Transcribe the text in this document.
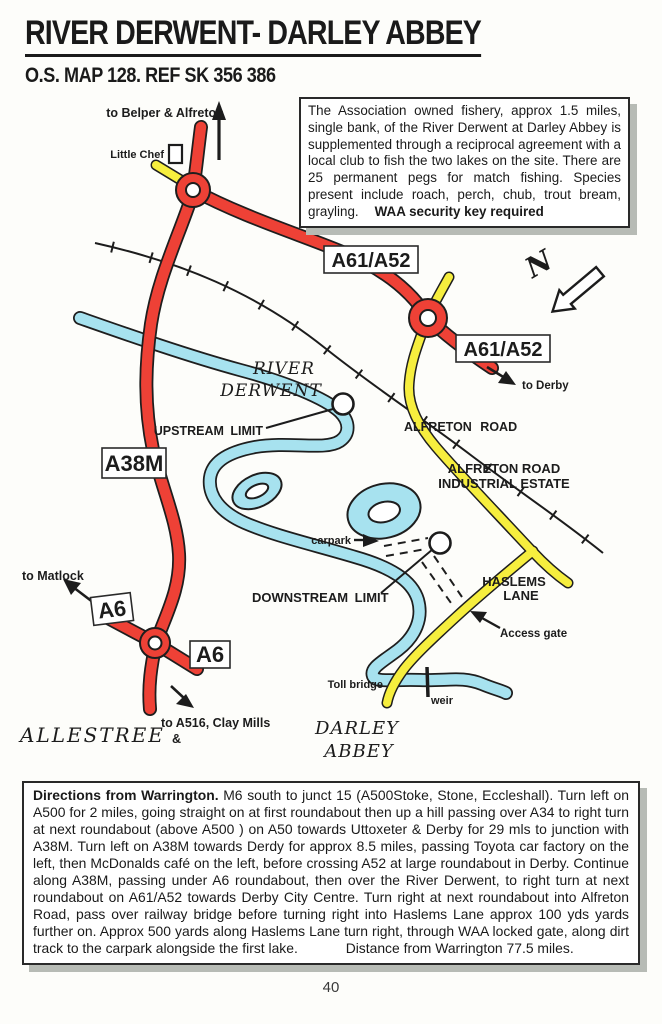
RIVER DERWENT- DARLEY ABBEY
O.S. MAP 128. REF SK 356 386
N
A61/A52
A61/A52
A38M
A6
A6
to Belper & Alfreton
Little Chef
to Derby
RIVER
DERWENT
UPSTREAM LIMIT	ALFRETON ROAD
ALFRETON ROAD
INDUSTRIAL ESTATE
carpark
DOWNSTREAM LIMIT
HASLEMS
LANE
to Matlock
Access gate
Toll bridge
weir
ALLESTREE
to A516, Clay Mills
&	DARLEY
ABBEY
The Association owned fishery, approx 1.5 miles, single bank, of the River Derwent at Darley Abbey is supplemented through a reciprocal agreement with a local club to fish the two lakes on the site. There are 25 permanent pegs for match fishing. Species present include roach, perch, chub, trout bream, grayling. WAA security key required
Directions from Warrington. M6 south to junct 15 (A500Stoke, Stone, Eccleshall). Turn left on A500 for 2 miles, going straight on at first roundabout then up a hill passing over A34 to right turn at next roundabout (above A500 ) on A50 towards Uttoxeter & Derby for 29 mls to junction with A38M. Turn left on A38M towards Derdy for approx 8.5 miles, passing Toyota car factory on the left, then McDonalds café on the left, before crossing A52 at large roundabout in Derby. Continue along A38M, passing under A6 roundabout, then over the River Derwent, to right turn at next roundabout on A61/A52 towards Derby City Centre. Turn right at next roundabout into Alfreton Road, pass over railway bridge before turning right into Haslems Lane approx 100 yds yards further on. Approx 500 yards along Haslems Lane turn right, through WAA locked gate, along dirt track to the carpark alongside the first lake.	Distance from Warrington 77.5 miles.
40
